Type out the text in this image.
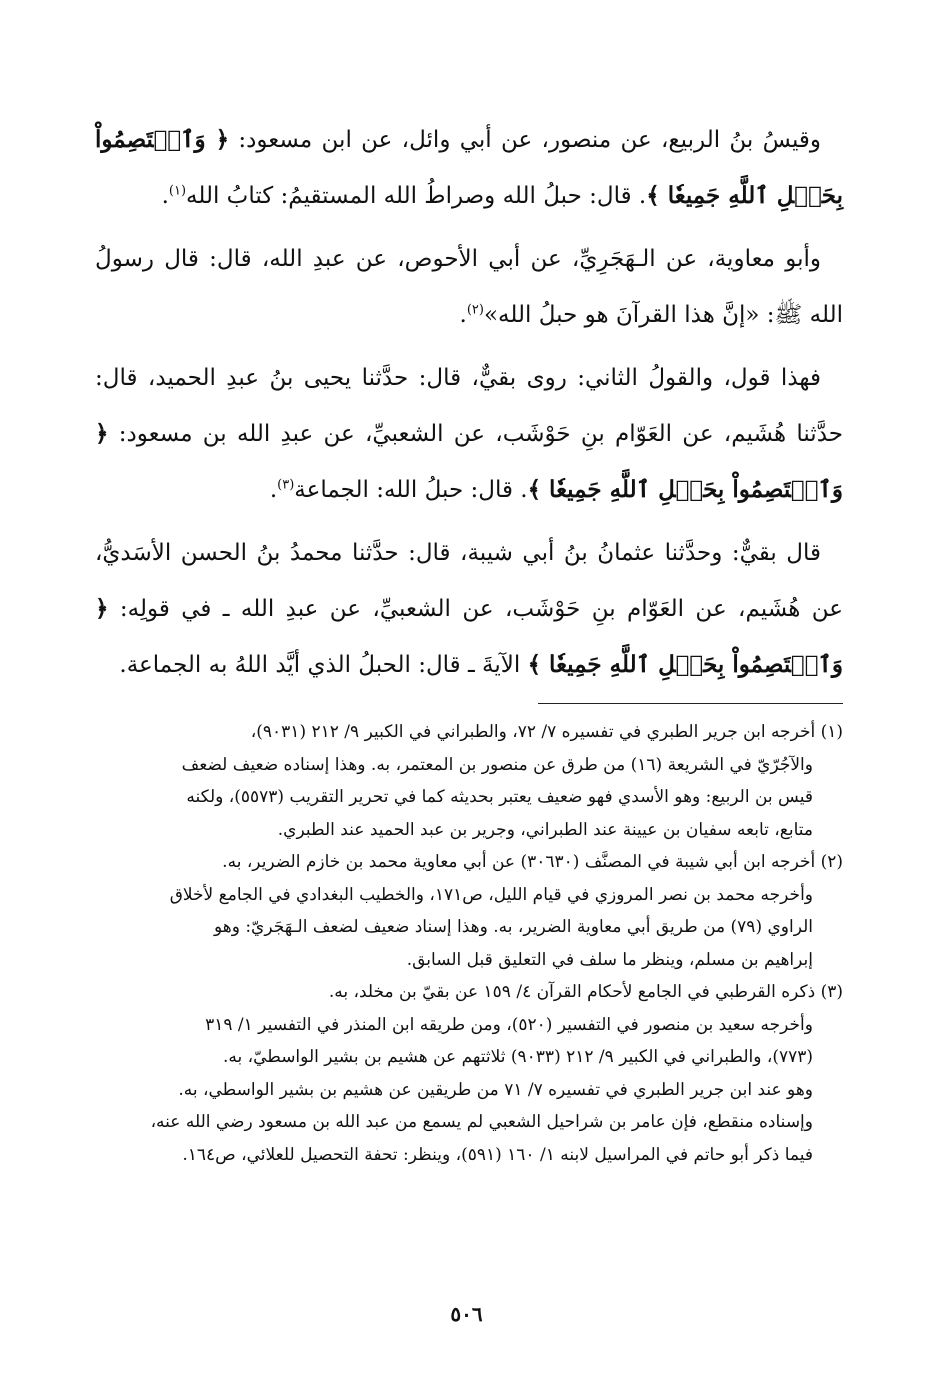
وقيسُ بنُ الربيع، عن منصور، عن أبي وائل، عن ابن مسعود: ﴿ وَٱعۡتَصِمُواْ بِحَبۡلِ ٱللَّهِ جَمِيعٗا ﴾. قال: حبلُ الله وصراطُ الله المستقيمُ: كتابُ الله$^{(١)}$.

وأبو معاوية، عن الـهَجَرِيِّ، عن أبي الأحوص، عن عبدِ الله، قال: قال رسولُ الله ﷺ: «إنَّ هذا القرآنَ هو حبلُ الله»$^{(٢)}$.

فهذا قول، والقولُ الثاني: روى بقيٌّ، قال: حدَّثنا يحيى بنُ عبدِ الحميد، قال: حدَّثنا هُشَيم، عن العَوّام بنِ حَوْشَب، عن الشعبيِّ، عن عبدِ الله بن مسعود: ﴿ وَٱعۡتَصِمُواْ بِحَبۡلِ ٱللَّهِ جَمِيعٗا ﴾. قال: حبلُ الله: الجماعة$^{(٣)}$.

قال بقيٌّ: وحدَّثنا عثمانُ بنُ أبي شيبة، قال: حدَّثنا محمدُ بنُ الحسن الأسَديُّ، عن هُشَيم، عن العَوّام بنِ حَوْشَب، عن الشعبيِّ، عن عبدِ الله ـ في قولِه: ﴿ وَٱعۡتَصِمُواْ بِحَبۡلِ ٱللَّهِ جَمِيعٗا ﴾ الآيةَ ـ قال: الحبلُ الذي أيَّد اللهُ به الجماعة.

(١) أخرجه ابن جرير الطبري في تفسيره ٧/ ٧٢، والطبراني في الكبير ٩/ ٢١٢ (٩٠٣١)،
والآجُرّيّ في الشريعة (١٦) من طرق عن منصور بن المعتمر، به. وهذا إسناده ضعيف لضعف
قيس بن الربيع: وهو الأسدي فهو ضعيف يعتبر بحديثه كما في تحرير التقريب (٥٥٧٣)، ولكنه
متابع، تابعه سفيان بن عيينة عند الطبراني، وجرير بن عبد الحميد عند الطبري.
(٢) أخرجه ابن أبي شيبة في المصنَّف (٣٠٦٣٠) عن أبي معاوية محمد بن خازم الضرير، به.
وأخرجه محمد بن نصر المروزي في قيام الليل، ص١٧١، والخطيب البغدادي في الجامع لأخلاق
الراوي (٧٩) من طريق أبي معاوية الضرير، به. وهذا إسناد ضعيف لضعف الـهَجَريّ: وهو
إبراهيم بن مسلم، وينظر ما سلف في التعليق قبل السابق.
(٣) ذكره القرطبي في الجامع لأحكام القرآن ٤/ ١٥٩ عن بقيّ بن مخلد، به.
وأخرجه سعيد بن منصور في التفسير (٥٢٠)، ومن طريقه ابن المنذر في التفسير ١/ ٣١٩
(٧٧٣)، والطبراني في الكبير ٩/ ٢١٢ (٩٠٣٣) ثلاثتهم عن هشيم بن بشير الواسطيّ، به.
وهو عند ابن جرير الطبري في تفسيره ٧/ ٧١ من طريقين عن هشيم بن بشير الواسطي، به.
وإسناده منقطع، فإن عامر بن شراحيل الشعبي لم يسمع من عبد الله بن مسعود رضي الله عنه،
فيما ذكر أبو حاتم في المراسيل لابنه ١/ ١٦٠ (٥٩١)، وينظر: تحفة التحصيل للعلائي، ص١٦٤.
٥٠٦
